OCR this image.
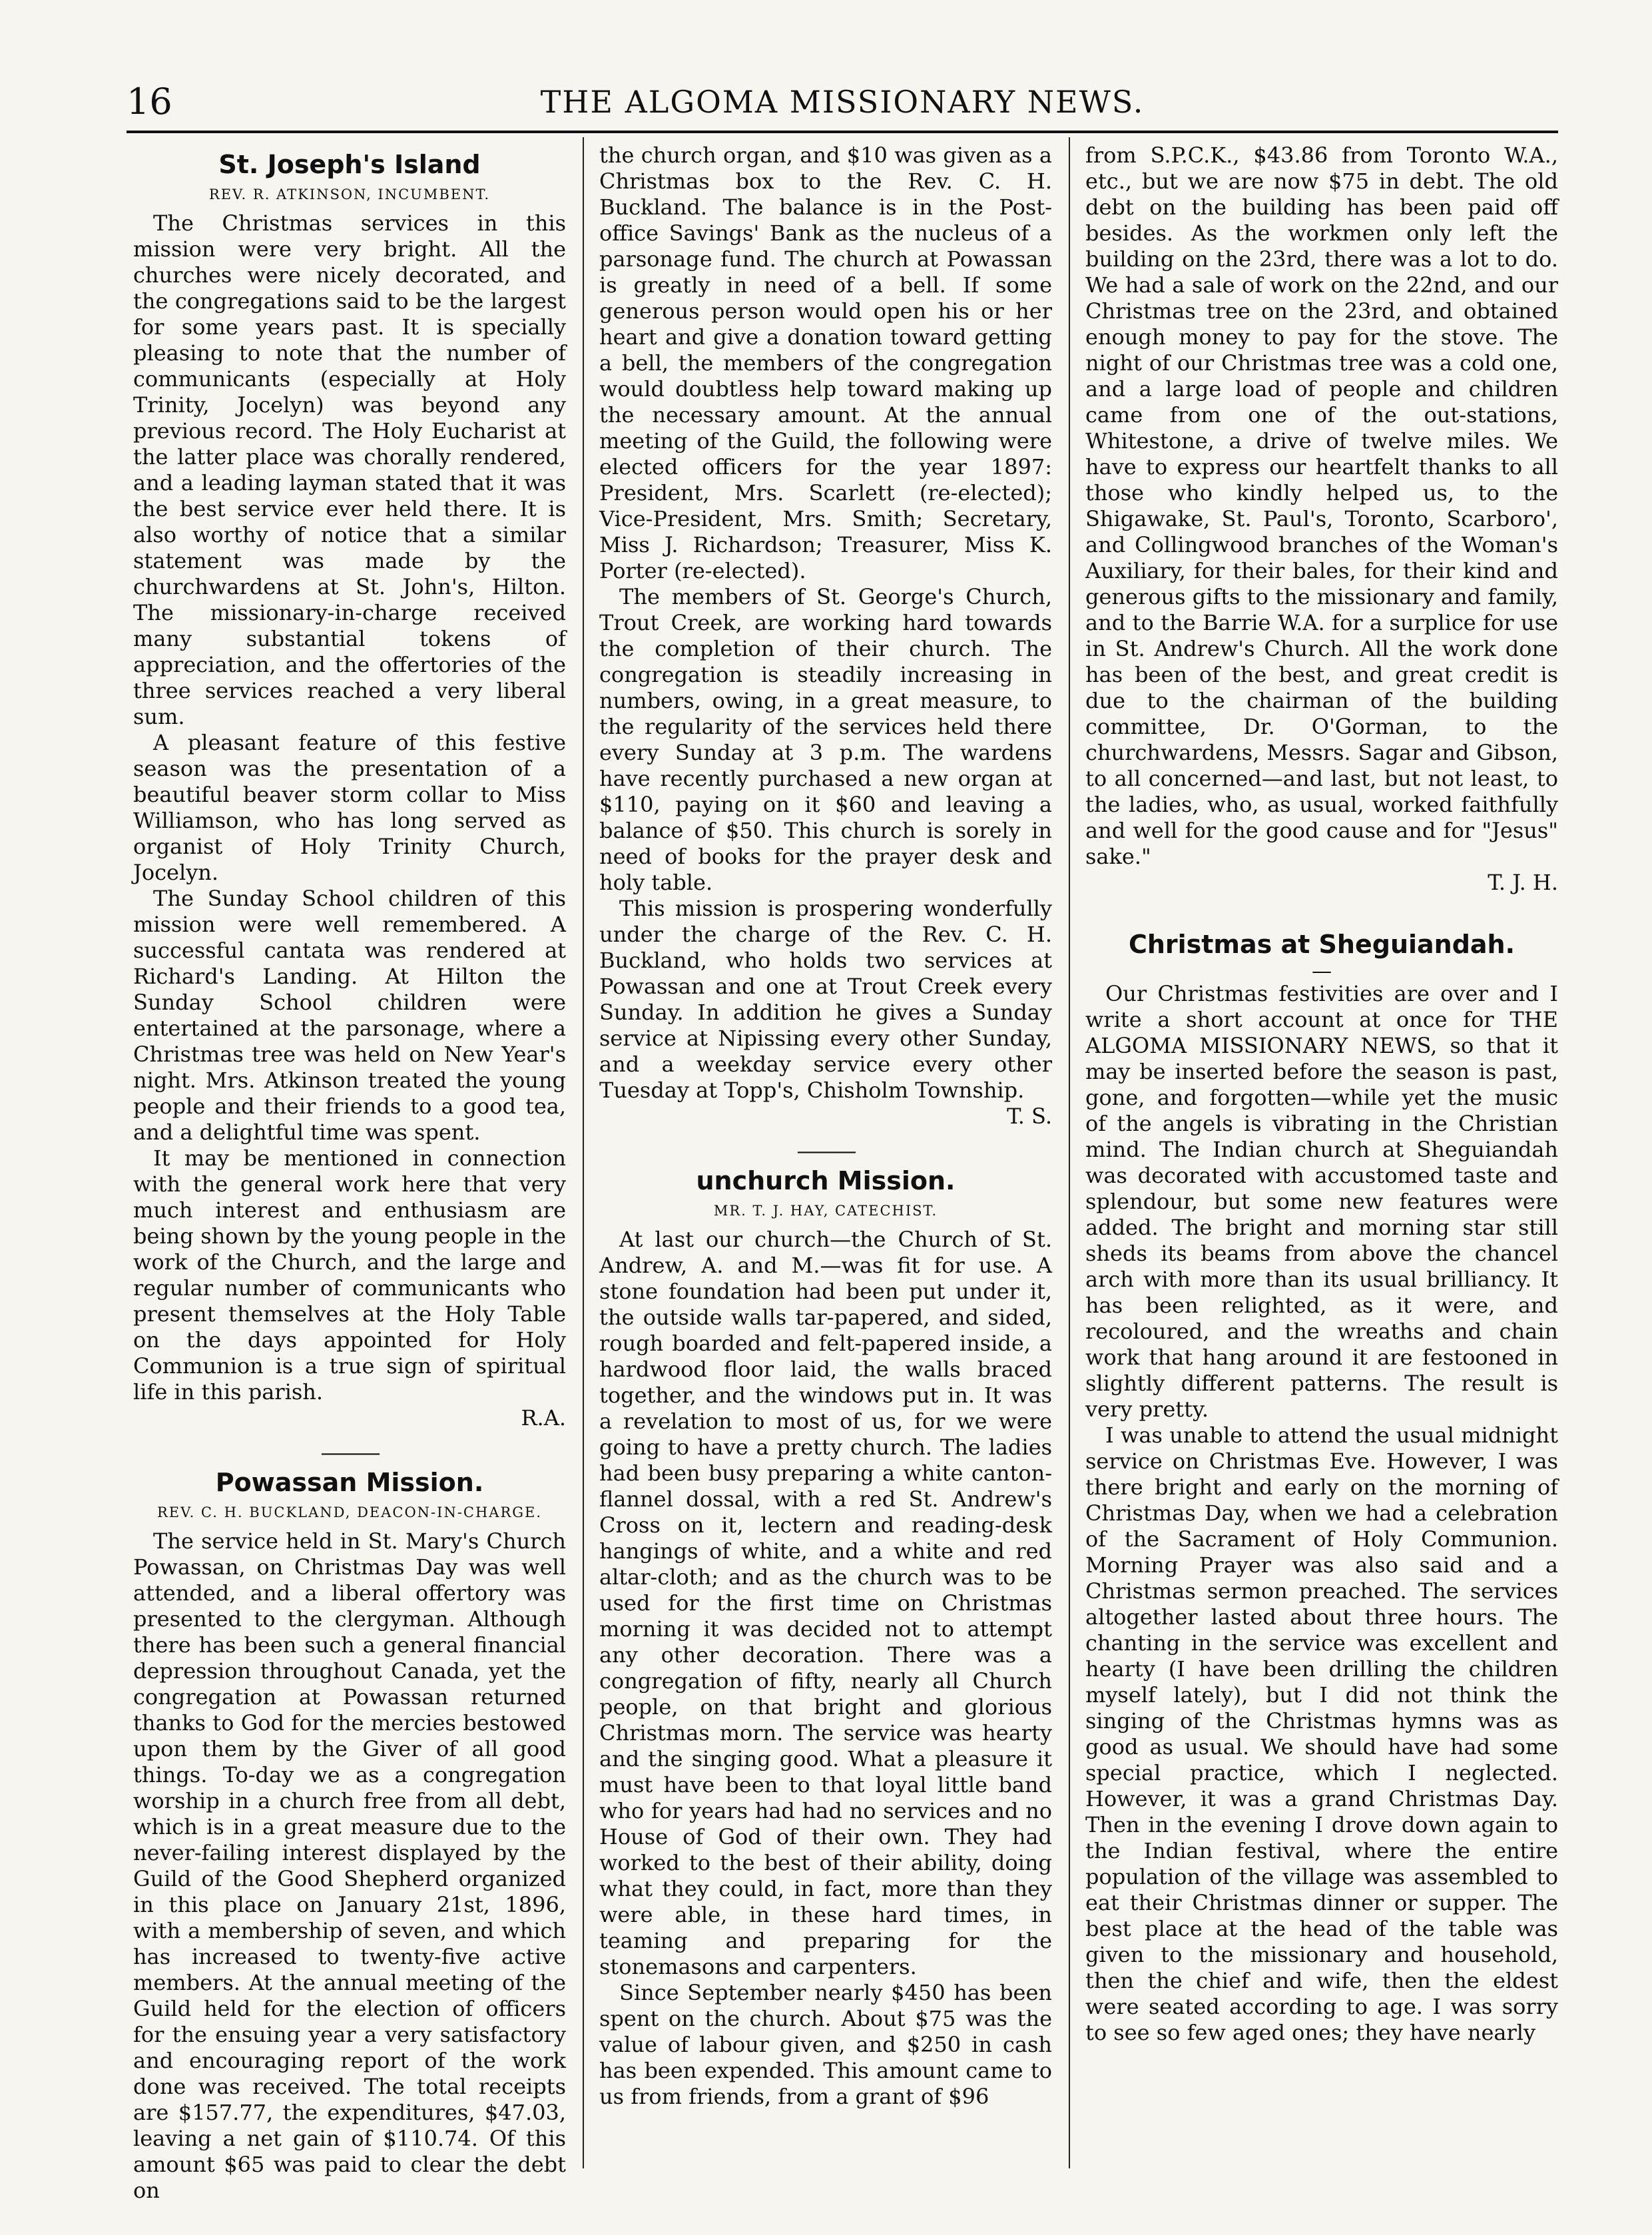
16	THE ALGOMA MISSIONARY NEWS.
St. Joseph's Island
REV. R. ATKINSON, INCUMBENT.

The Christmas services in this mission were very bright. All the churches were nicely decorated, and the congregations said to be the largest for some years past. It is specially pleasing to note that the number of communicants (especially at Holy Trinity, Jocelyn) was beyond any previous record. The Holy Eucharist at the latter place was chorally rendered, and a leading layman stated that it was the best service ever held there. It is also worthy of notice that a similar statement was made by the churchwardens at St. John's, Hilton. The missionary-in-charge received many substantial tokens of appreciation, and the offertories of the three services reached a very liberal sum.

A pleasant feature of this festive season was the presentation of a beautiful beaver storm collar to Miss Williamson, who has long served as organist of Holy Trinity Church, Jocelyn.

The Sunday School children of this mission were well remembered. A successful cantata was rendered at Richard's Landing. At Hilton the Sunday School children were entertained at the parsonage, where a Christmas tree was held on New Year's night. Mrs. Atkinson treated the young people and their friends to a good tea, and a delightful time was spent.

It may be mentioned in connection with the general work here that very much interest and enthusiasm are being shown by the young people in the work of the Church, and the large and regular number of communicants who present themselves at the Holy Table on the days appointed for Holy Communion is a true sign of spiritual life in this parish.

R.A.

———
Powassan Mission.
REV. C. H. BUCKLAND, DEACON-IN-CHARGE.

The service held in St. Mary's Church Powassan, on Christmas Day was well attended, and a liberal offertory was presented to the clergyman. Although there has been such a general financial depression throughout Canada, yet the congregation at Powassan returned thanks to God for the mercies bestowed upon them by the Giver of all good things. To-day we as a congregation worship in a church free from all debt, which is in a great measure due to the never-failing interest displayed by the Guild of the Good Shepherd organized in this place on January 21st, 1896, with a membership of seven, and which has increased to twenty-five active members. At the annual meeting of the Guild held for the election of officers for the ensuing year a very satisfactory and encouraging report of the work done was received. The total receipts are $157.77, the expenditures, $47.03, leaving a net gain of $110.74. Of this amount $65 was paid to clear the debt on

the church organ, and $10 was given as a Christmas box to the Rev. C. H. Buckland. The balance is in the Post-office Savings' Bank as the nucleus of a parsonage fund. The church at Powassan is greatly in need of a bell. If some generous person would open his or her heart and give a donation toward getting a bell, the members of the congregation would doubtless help toward making up the necessary amount. At the annual meeting of the Guild, the following were elected officers for the year 1897: President, Mrs. Scarlett (re-elected); Vice-President, Mrs. Smith; Secretary, Miss J. Richardson; Treasurer, Miss K. Porter (re-elected).

The members of St. George's Church, Trout Creek, are working hard towards the completion of their church. The congregation is steadily increasing in numbers, owing, in a great measure, to the regularity of the services held there every Sunday at 3 p.m. The wardens have recently purchased a new organ at $110, paying on it $60 and leaving a balance of $50. This church is sorely in need of books for the prayer desk and holy table.

This mission is prospering wonderfully under the charge of the Rev. C. H. Buckland, who holds two services at Powassan and one at Trout Creek every Sunday. In addition he gives a Sunday service at Nipissing every other Sunday, and a weekday service every other Tuesday at Topp's, Chisholm Township.

T. S.

———
unchurch Mission.
MR. T. J. HAY, CATECHIST.

At last our church—the Church of St. Andrew, A. and M.—was fit for use. A stone foundation had been put under it, the outside walls tar-papered, and sided, rough boarded and felt-papered inside, a hardwood floor laid, the walls braced together, and the windows put in. It was a revelation to most of us, for we were going to have a pretty church. The ladies had been busy preparing a white canton-flannel dossal, with a red St. Andrew's Cross on it, lectern and reading-desk hangings of white, and a white and red altar-cloth; and as the church was to be used for the first time on Christmas morning it was decided not to attempt any other decoration. There was a congregation of fifty, nearly all Church people, on that bright and glorious Christmas morn. The service was hearty and the singing good. What a pleasure it must have been to that loyal little band who for years had had no services and no House of God of their own. They had worked to the best of their ability, doing what they could, in fact, more than they were able, in these hard times, in teaming and preparing for the stonemasons and carpenters.

Since September nearly $450 has been spent on the church. About $75 was the value of labour given, and $250 in cash has been expended. This amount came to us from friends, from a grant of $96

from S.P.C.K., $43.86 from Toronto W.A., etc., but we are now $75 in debt. The old debt on the building has been paid off besides. As the workmen only left the building on the 23rd, there was a lot to do. We had a sale of work on the 22nd, and our Christmas tree on the 23rd, and obtained enough money to pay for the stove. The night of our Christmas tree was a cold one, and a large load of people and children came from one of the out-stations, Whitestone, a drive of twelve miles. We have to express our heartfelt thanks to all those who kindly helped us, to the Shigawake, St. Paul's, Toronto, Scarboro', and Collingwood branches of the Woman's Auxiliary, for their bales, for their kind and generous gifts to the missionary and family, and to the Barrie W.A. for a surplice for use in St. Andrew's Church. All the work done has been of the best, and great credit is due to the chairman of the building committee, Dr. O'Gorman, to the churchwardens, Messrs. Sagar and Gibson, to all concerned—and last, but not least, to the ladies, who, as usual, worked faithfully and well for the good cause and for "Jesus" sake."

T. J. H.

Christmas at Sheguiandah.
—

Our Christmas festivities are over and I write a short account at once for THE ALGOMA MISSIONARY NEWS, so that it may be inserted before the season is past, gone, and forgotten—while yet the music of the angels is vibrating in the Christian mind. The Indian church at Sheguiandah was decorated with accustomed taste and splendour, but some new features were added. The bright and morning star still sheds its beams from above the chancel arch with more than its usual brilliancy. It has been relighted, as it were, and recoloured, and the wreaths and chain work that hang around it are festooned in slightly different patterns. The result is very pretty.

I was unable to attend the usual midnight service on Christmas Eve. However, I was there bright and early on the morning of Christmas Day, when we had a celebration of the Sacrament of Holy Communion. Morning Prayer was also said and a Christmas sermon preached. The services altogether lasted about three hours. The chanting in the service was excellent and hearty (I have been drilling the children myself lately), but I did not think the singing of the Christmas hymns was as good as usual. We should have had some special practice, which I neglected. However, it was a grand Christmas Day. Then in the evening I drove down again to the Indian festival, where the entire population of the village was assembled to eat their Christmas dinner or supper. The best place at the head of the table was given to the missionary and household, then the chief and wife, then the eldest were seated according to age. I was sorry to see so few aged ones; they have nearly
